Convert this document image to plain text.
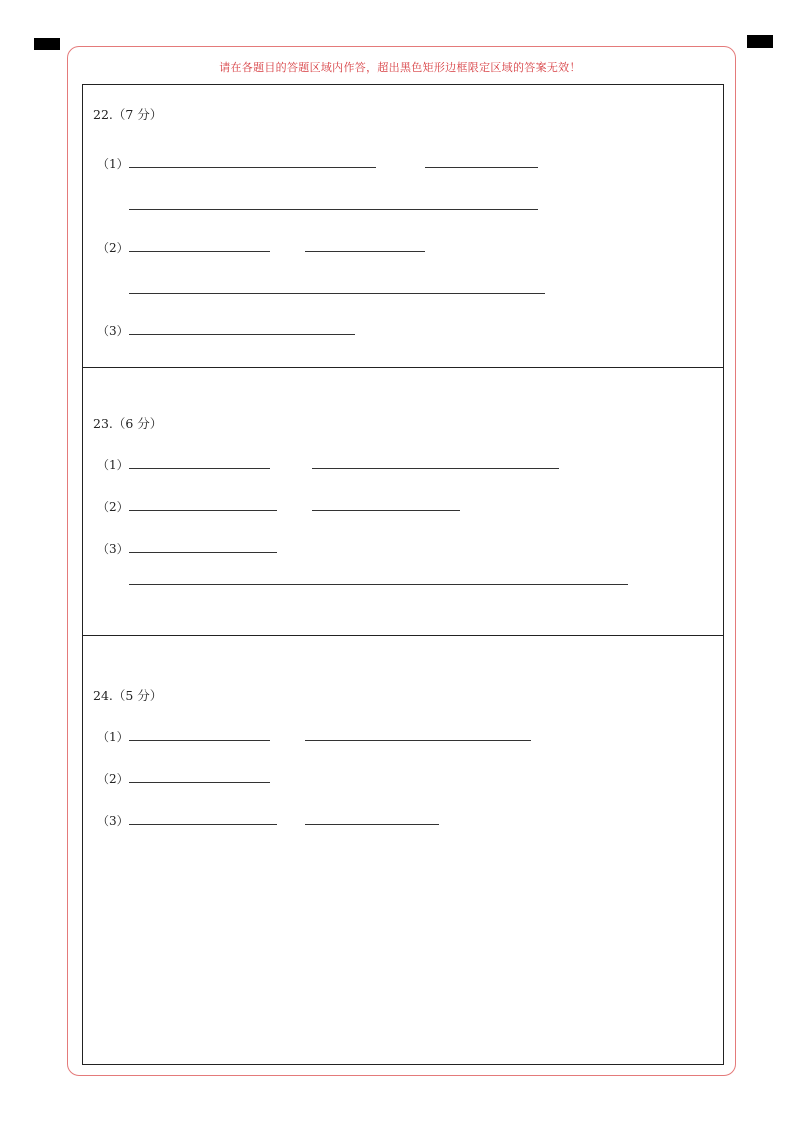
请在各题目的答题区域内作答，超出黑色矩形边框限定区域的答案无效！
22.（7 分）
（1）
（2）
（3）
23.（6 分）
（1）
（2）
（3）
24.（5 分）
（1）
（2）
（3）
